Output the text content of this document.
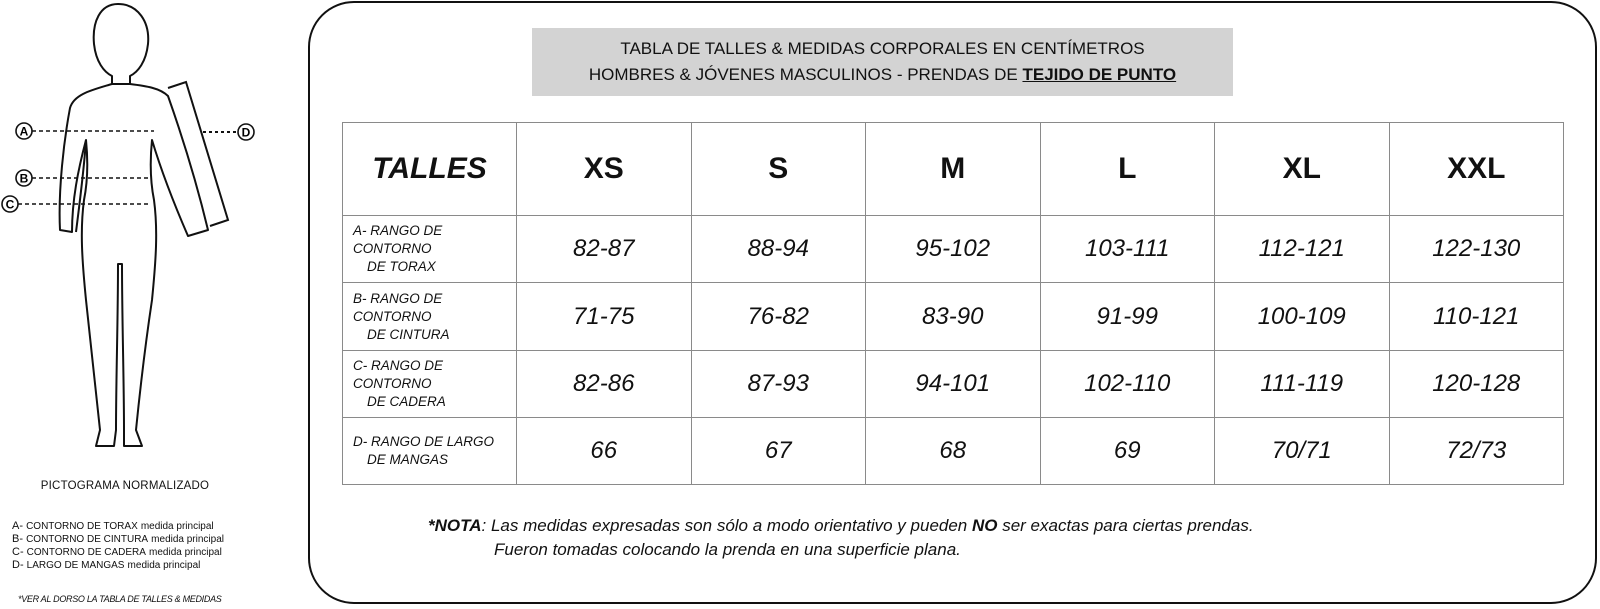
A
B
C
D
PICTOGRAMA NORMALIZADO
A- CONTORNO DE TORAX medida principal
B- CONTORNO DE CINTURA medida principal
C- CONTORNO DE CADERA medida principal
D- LARGO DE MANGAS medida principal
*VER AL DORSO LA TABLA DE TALLES & MEDIDAS
TABLA DE TALLES & MEDIDAS CORPORALES EN CENTÍMETROS
HOMBRES & JÓVENES MASCULINOS - PRENDAS DE TEJIDO DE PUNTO
TALLES	XS	S	M	L	XL	XXL
A- RANGO DE CONTORNO
DE TORAX	82-87	88-94	95-102	103-111	112-121	122-130
B- RANGO DE CONTORNO
DE CINTURA	71-75	76-82	83-90	91-99	100-109	110-121
C- RANGO DE CONTORNO
DE CADERA	82-86	87-93	94-101	102-110	111-119	120-128
D- RANGO DE LARGO
DE MANGAS	66	67	68	69	70/71	72/73
*NOTA: Las medidas expresadas son sólo a modo orientativo y pueden NO ser exactas para ciertas prendas.
Fueron tomadas colocando la prenda en una superficie plana.
